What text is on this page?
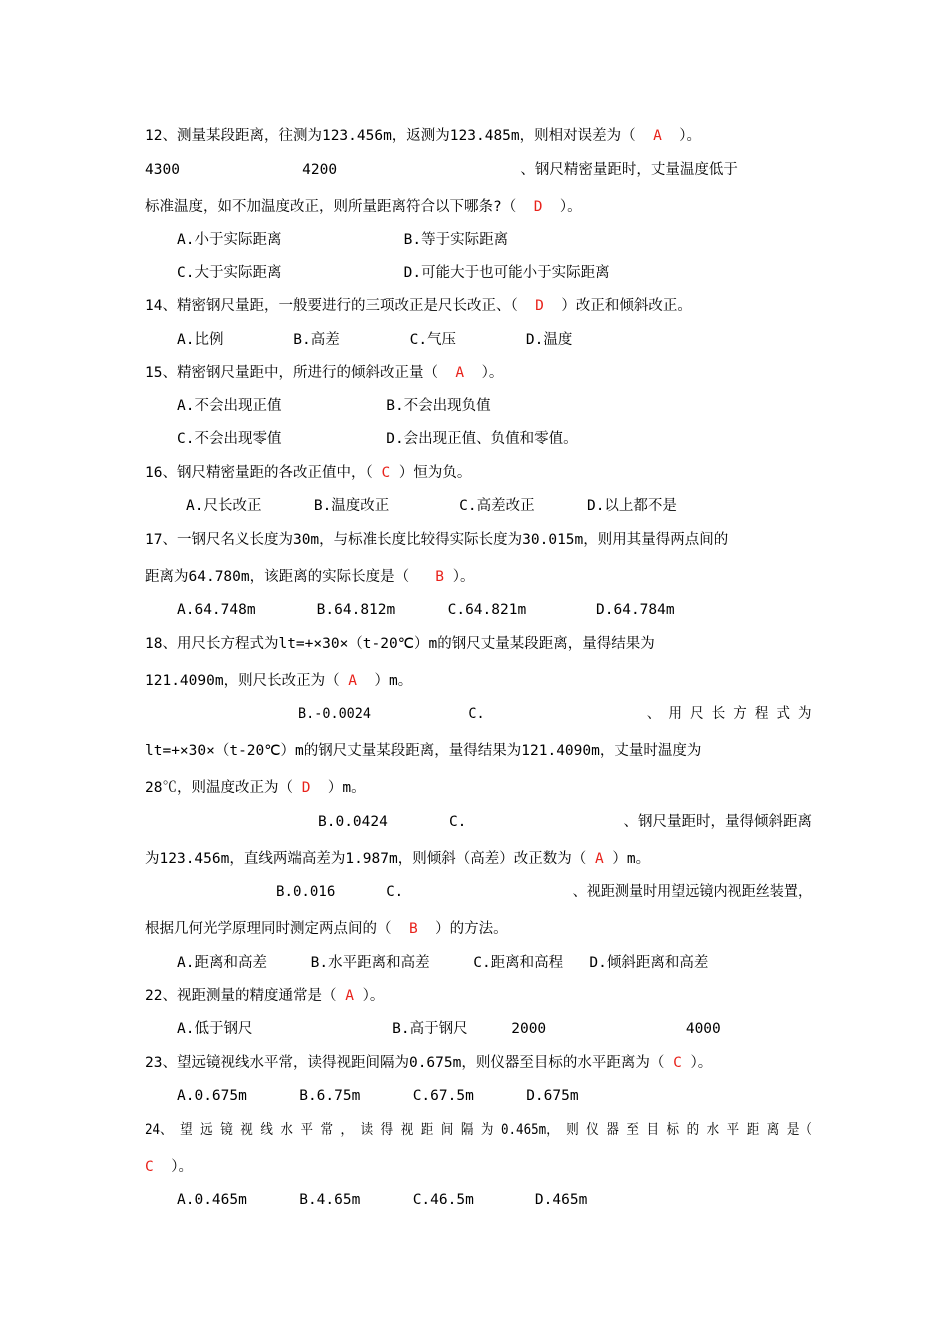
12、测量某段距离，往测为123.456m，返测为123.485m，则相对误差为（  A  ）。
4300              4200                     、钢尺精密量距时，丈量温度低于
标准温度，如不加温度改正，则所量距离符合以下哪条?（  D  ）。
A.小于实际距离              B.等于实际距离
C.大于实际距离              D.可能大于也可能小于实际距离
14、精密钢尺量距，一般要进行的三项改正是尺长改正、（  D  ）改正和倾斜改正。
A.比例        B.高差        C.气压        D.温度
15、精密钢尺量距中，所进行的倾斜改正量（  A  ）。
A.不会出现正值            B.不会出现负值
C.不会出现零值            D.会出现正值、负值和零值。
16、钢尺精密量距的各改正值中，（ C ）恒为负。
A.尺长改正      B.温度改正        C.高差改正      D.以上都不是
17、一钢尺名义长度为30m，与标准长度比较得实际长度为30.015m，则用其量得两点间的
距离为64.780m，该距离的实际长度是（   B ）。
A.64.748m       B.64.812m      C.64.821m        D.64.784m
18、用尺长方程式为lt=+×30×（t-20℃）m的钢尺丈量某段距离，量得结果为
121.4090m，则尺长改正为（ A  ）m。
B.-0.0024            C.                    、 用 尺 长 方 程 式 为
lt=+×30×（t-20℃）m的钢尺丈量某段距离，量得结果为121.4090m，丈量时温度为
28℃，则温度改正为（ D  ）m。
B.0.0424       C.                  、钢尺量距时，量得倾斜距离
为123.456m，直线两端高差为1.987m，则倾斜（高差）改正数为（ A ）m。
B.0.016      C.                    、视距测量时用望远镜内视距丝装置，
根据几何光学原理同时测定两点间的（  B  ）的方法。
A.距离和高差     B.水平距离和高差     C.距离和高程   D.倾斜距离和高差
22、视距测量的精度通常是（ A ）。
A.低于钢尺                B.高于钢尺     2000                4000
23、望远镜视线水平常，读得视距间隔为0.675m，则仪器至目标的水平距离为（ C ）。
A.0.675m      B.6.75m      C.67.5m      D.675m
24、 望 远 镜 视 线 水 平 常 ， 读 得 视 距 间 隔 为 0.465m， 则 仪 器 至 目 标 的 水 平 距 离 是（
C  ）。
A.0.465m      B.4.65m      C.46.5m       D.465m
